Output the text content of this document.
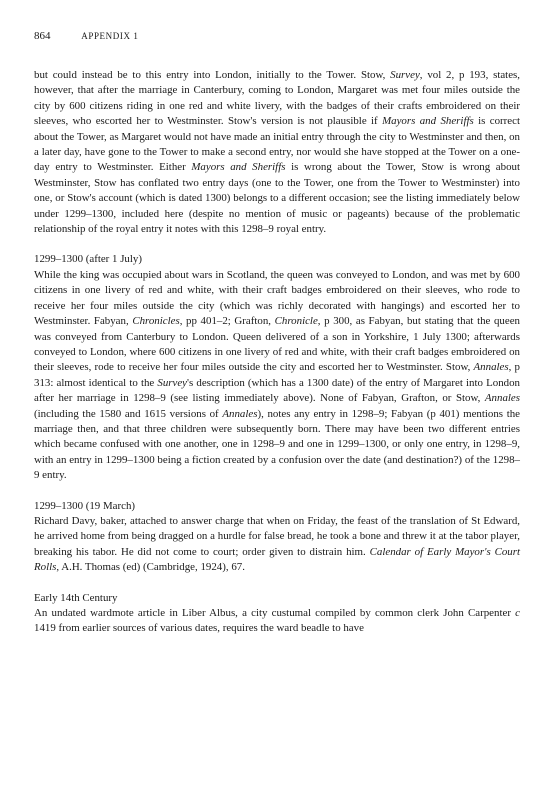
864	APPENDIX 1

but could instead be to this entry into London, initially to the Tower. Stow, Survey, vol 2, p 193, states, however, that after the marriage in Canterbury, coming to London, Margaret was met four miles outside the city by 600 citizens riding in one red and white livery, with the badges of their crafts embroidered on their sleeves, who escorted her to Westminster. Stow's version is not plausible if Mayors and Sheriffs is correct about the Tower, as Margaret would not have made an initial entry through the city to Westminster and then, on a later day, have gone to the Tower to make a second entry, nor would she have stopped at the Tower on a one-day entry to Westminster. Either Mayors and Sheriffs is wrong about the Tower, Stow is wrong about Westminster, Stow has conflated two entry days (one to the Tower, one from the Tower to Westminster) into one, or Stow's account (which is dated 1300) belongs to a different occasion; see the listing immediately below under 1299–1300, included here (despite no mention of music or pageants) because of the problematic relationship of the royal entry it notes with this 1298–9 royal entry.

1299–1300 (after 1 July)

While the king was occupied about wars in Scotland, the queen was conveyed to London, and was met by 600 citizens in one livery of red and white, with their craft badges embroidered on their sleeves, who rode to receive her four miles outside the city (which was richly decorated with hangings) and escorted her to Westminster. Fabyan, Chronicles, pp 401–2; Grafton, Chronicle, p 300, as Fabyan, but stating that the queen was conveyed from Canterbury to London. Queen delivered of a son in Yorkshire, 1 July 1300; afterwards conveyed to London, where 600 citizens in one livery of red and white, with their craft badges embroidered on their sleeves, rode to receive her four miles outside the city and escorted her to Westminster. Stow, Annales, p 313: almost identical to the Survey's description (which has a 1300 date) of the entry of Margaret into London after her marriage in 1298–9 (see listing immediately above). None of Fabyan, Grafton, or Stow, Annales (including the 1580 and 1615 versions of Annales), notes any entry in 1298–9; Fabyan (p 401) mentions the marriage then, and that three children were subsequently born. There may have been two different entries which became confused with one another, one in 1298–9 and one in 1299–1300, or only one entry, in 1298–9, with an entry in 1299–1300 being a fiction created by a confusion over the date (and destination?) of the 1298–9 entry.

1299–1300 (19 March)

Richard Davy, baker, attached to answer charge that when on Friday, the feast of the translation of St Edward, he arrived home from being dragged on a hurdle for false bread, he took a bone and threw it at the tabor player, breaking his tabor. He did not come to court; order given to distrain him. Calendar of Early Mayor's Court Rolls, A.H. Thomas (ed) (Cambridge, 1924), 67.

Early 14th Century

An undated wardmote article in Liber Albus, a city custumal compiled by common clerk John Carpenter c 1419 from earlier sources of various dates, requires the ward beadle to have
